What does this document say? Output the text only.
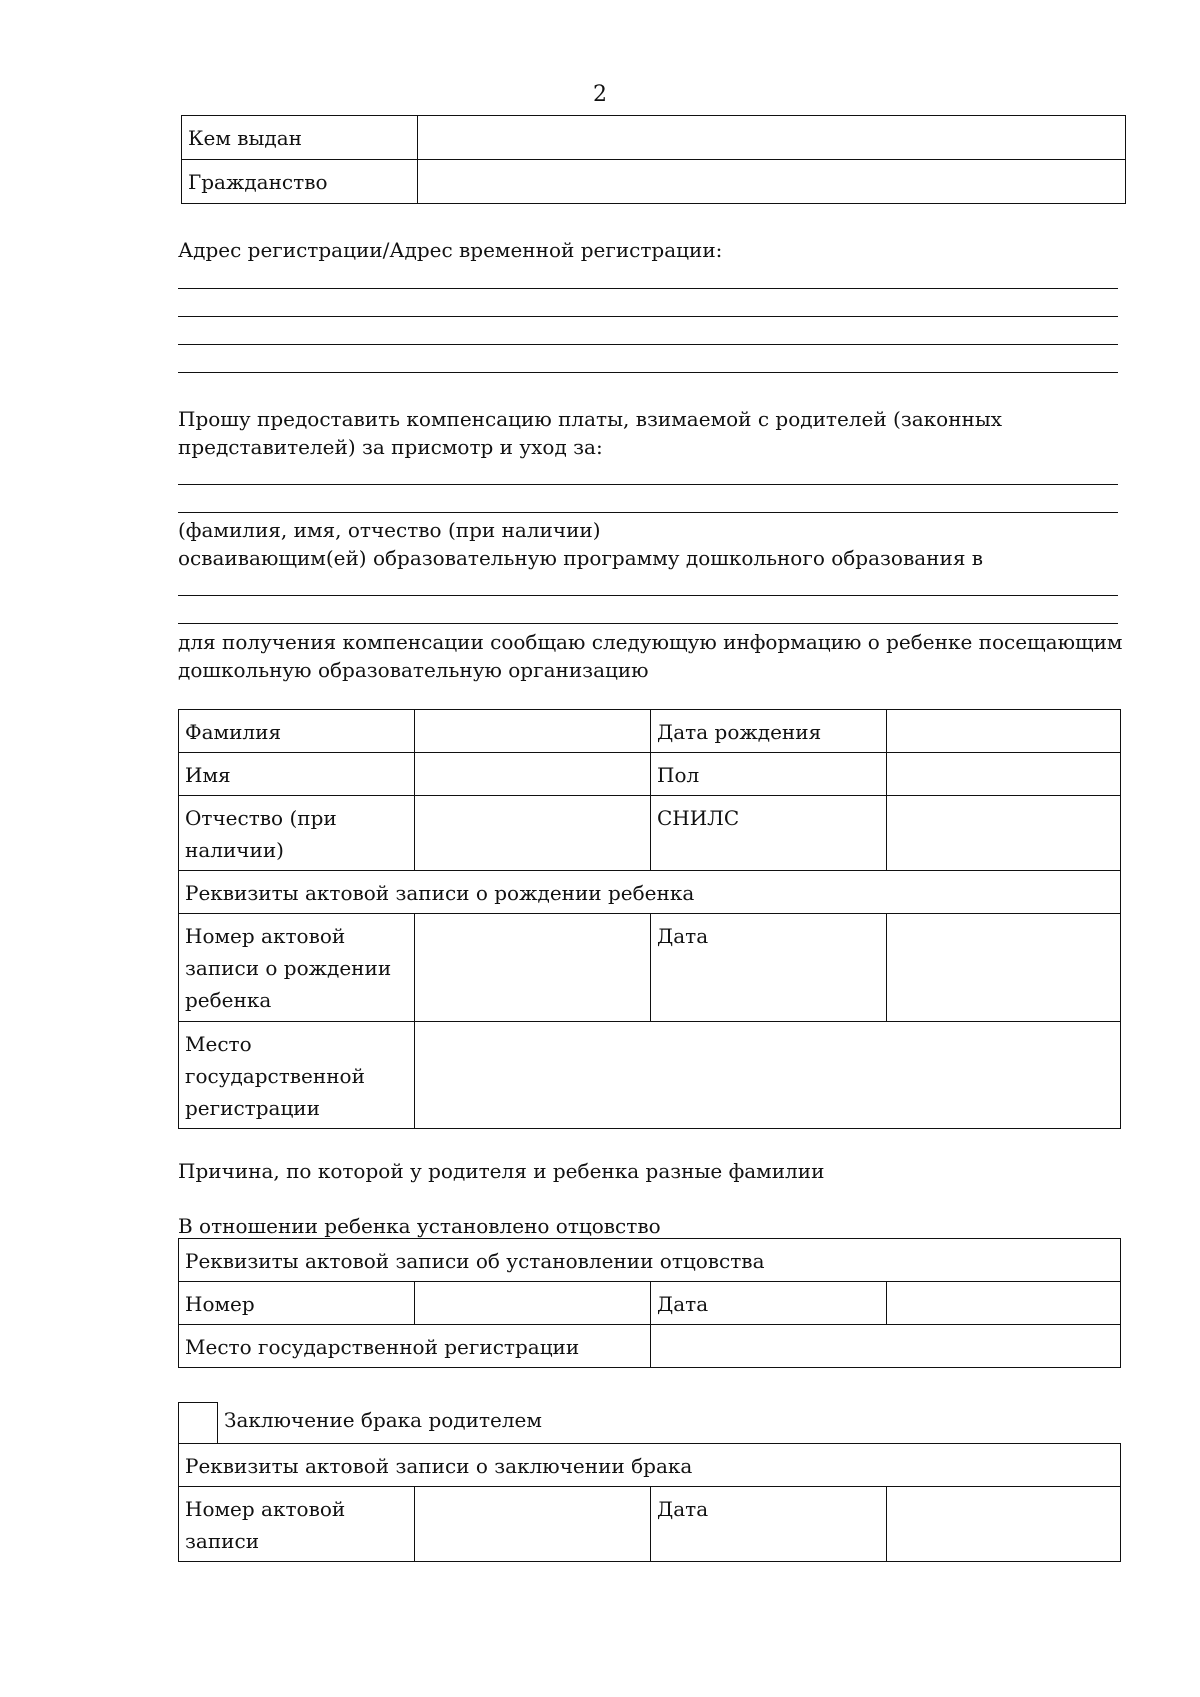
2
Кем выдан	
Гражданство	
Адрес регистрации/Адрес временной регистрации:
Прошу предоставить компенсацию платы, взимаемой с родителей (законных
представителей) за присмотр и уход за:
(фамилия, имя, отчество (при наличии)
осваивающим(ей) образовательную программу дошкольного образования в
для получения компенсации сообщаю следующую информацию о ребенке посещающим
дошкольную образовательную организацию
Фамилия		Дата рождения	
Имя		Пол	
Отчество (при наличии)		СНИЛС	
Реквизиты актовой записи о рождении ребенка			
Номер актовой записи о рождении ребенка		Дата	
Место государственной регистрации			
Причина, по которой у родителя и ребенка разные фамилии
В отношении ребенка установлено отцовство
Реквизиты актовой записи об установлении отцовства			
Номер		Дата	
Место государственной регистрации			
Заключение брака родителем
Реквизиты актовой записи о заключении брака
Номер актовой записи		Дата	
